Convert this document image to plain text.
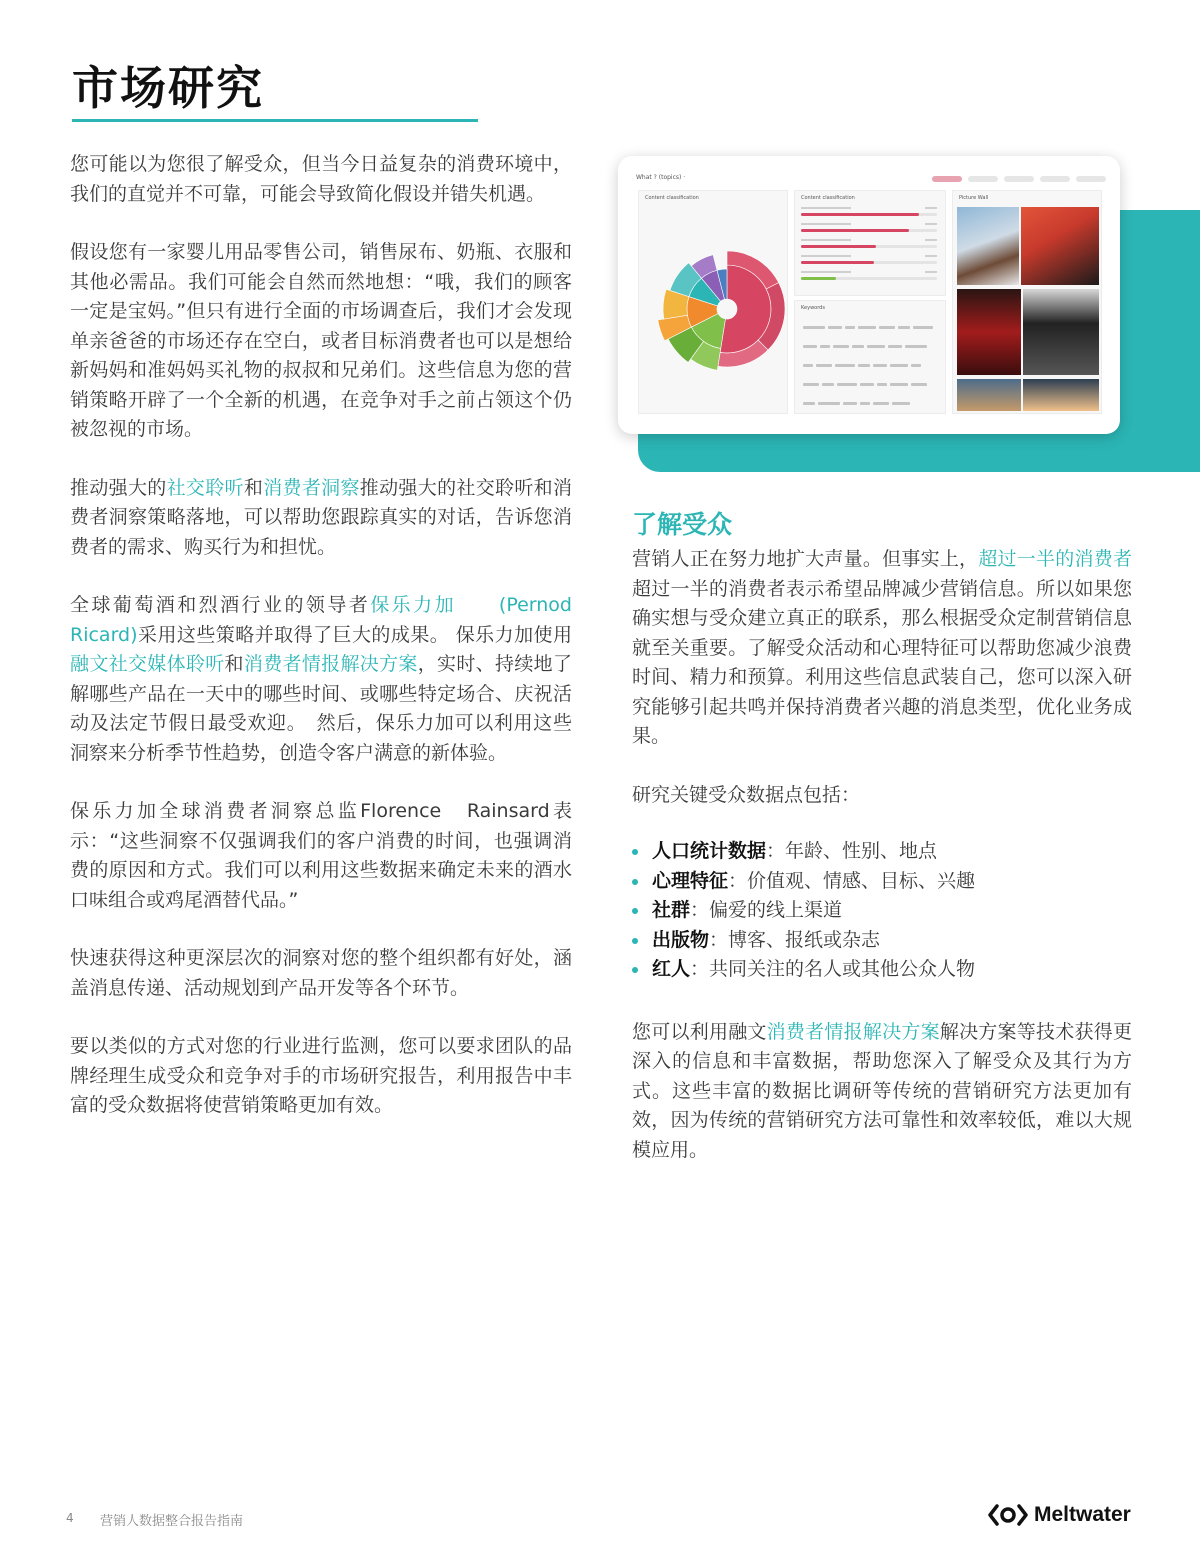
市场研究

您可能以为您很了解受众，但当今日益复杂的消费环境中，我们的直觉并不可靠，可能会导致简化假设并错失机遇。

假设您有一家婴儿用品零售公司，销售尿布、奶瓶、衣服和其他必需品。我们可能会自然而然地想：“哦，我们的顾客一定是宝妈。”但只有进行全面的市场调查后，我们才会发现单亲爸爸的市场还存在空白，或者目标消费者也可以是想给新妈妈和准妈妈买礼物的叔叔和兄弟们。这些信息为您的营销策略开辟了一个全新的机遇，在竞争对手之前占领这个仍被忽视的市场。

推动强大的社交聆听和消费者洞察推动强大的社交聆听和消费者洞察策略落地，可以帮助您跟踪真实的对话，告诉您消费者的需求、购买行为和担忧。

全球葡萄酒和烈酒行业的领导者保乐力加　　(Pernod Ricard)采用这些策略并取得了巨大的成果。 保乐力加使用融文社交媒体聆听和消费者情报解决方案，实时、持续地了解哪些产品在一天中的哪些时间、或哪些特定场合、庆祝活动及法定节假日最受欢迎。　然后，保乐力加可以利用这些洞察来分析季节性趋势，创造令客户满意的新体验。

保乐力加全球消费者洞察总监Florence　Rainsard表示：“这些洞察不仅强调我们的客户消费的时间，也强调消费的原因和方式。我们可以利用这些数据来确定未来的酒水口味组合或鸡尾酒替代品。”

快速获得这种更深层次的洞察对您的整个组织都有好处，涵盖消息传递、活动规划到产品开发等各个环节。

要以类似的方式对您的行业进行监测，您可以要求团队的品牌经理生成受众和竞争对手的市场研究报告，利用报告中丰富的受众数据将使营销策略更加有效。

What ? (topics) ·
Content classification	Content classification
Keywords
Picture Wall
了解受众

营销人正在努力地扩大声量。但事实上，超过一半的消费者超过一半的消费者表示希望品牌减少营销信息。所以如果您确实想与受众建立真正的联系，那么根据受众定制营销信息就至关重要。了解受众活动和心理特征可以帮助您减少浪费时间、精力和预算。利用这些信息武装自己，您可以深入研究能够引起共鸣并保持消费者兴趣的消息类型，优化业务成果。

研究关键受众数据点包括：

人口统计数据：年龄、性别、地点
心理特征：价值观、情感、目标、兴趣
社群：偏爱的线上渠道
出版物：博客、报纸或杂志
红人：共同关注的名人或其他公众人物

您可以利用融文消费者情报解决方案解决方案等技术获得更深入的信息和丰富数据，帮助您深入了解受众及其行为方式。这些丰富的数据比调研等传统的营销研究方法更加有效，因为传统的营销研究方法可靠性和效率较低，难以大规模应用。

4 营销人数据整合报告指南	Meltwater
